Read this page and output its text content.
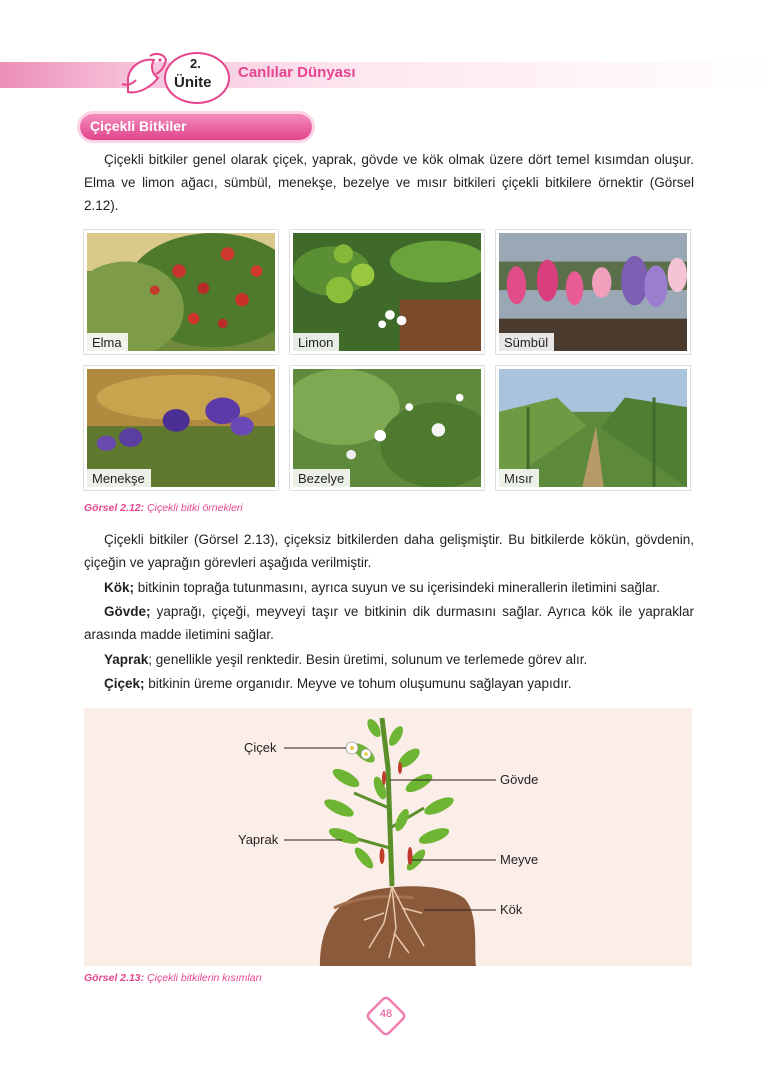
2.
Ünite
Canlılar Dünyası
Çiçekli Bitkiler

Çiçekli bitkiler genel olarak çiçek, yaprak, gövde ve kök olmak üzere dört temel kısımdan oluşur. Elma ve limon ağacı, sümbül, menekşe, bezelye ve mısır bitkileri çiçekli bitkilere örnektir (Görsel 2.12).

Elma	Limon	Sümbül
Menekşe	Bezelye	Mısır
Görsel 2.12: Çiçekli bitki örnekleri

Çiçekli bitkiler (Görsel 2.13), çiçeksiz bitkilerden daha gelişmiştir. Bu bitkilerde kökün, gövdenin, çiçeğin ve yaprağın görevleri aşağıda verilmiştir.

Kök; bitkinin toprağa tutunmasını, ayrıca suyun ve su içerisindeki minerallerin iletimini sağlar.

Gövde; yaprağı, çiçeği, meyveyi taşır ve bitkinin dik durmasını sağlar. Ayrıca kök ile yapraklar arasında madde iletimini sağlar.

Yaprak; genellikle yeşil renktedir. Besin üretimi, solunum ve terlemede görev alır.

Çiçek; bitkinin üreme organıdır. Meyve ve tohum oluşumunu sağlayan yapıdır.

Çiçek
Yaprak
Gövde
Meyve
Kök
Görsel 2.13: Çiçekli bitkilerin kısımları
48
